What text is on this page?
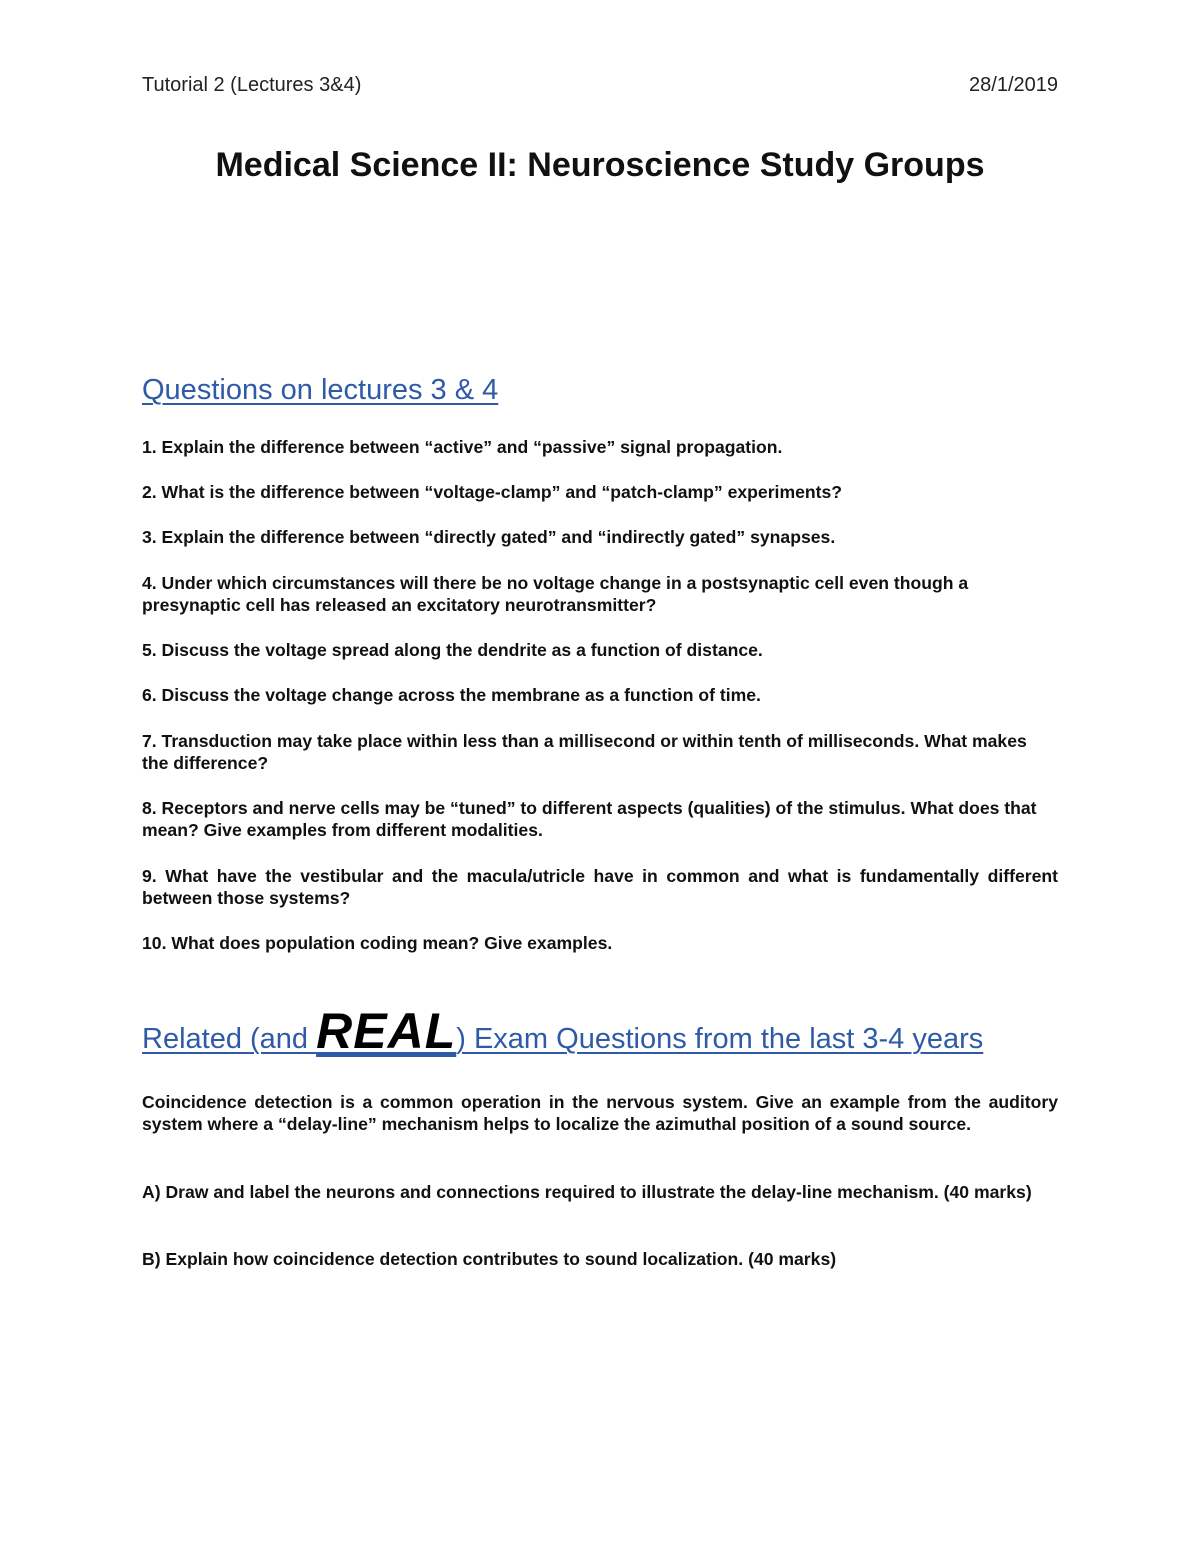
Tutorial 2 (Lectures 3&4)	28/1/2019
Medical Science II: Neuroscience Study Groups
Questions on lectures 3 & 4
1. Explain the difference between “active” and “passive” signal propagation.
2. What is the difference between “voltage-clamp” and “patch-clamp” experiments?
3. Explain the difference between “directly gated” and “indirectly gated” synapses.
4. Under which circumstances will there be no voltage change in a postsynaptic cell even though a presynaptic cell has released an excitatory neurotransmitter?
5. Discuss the voltage spread along the dendrite as a function of distance.
6. Discuss the voltage change across the membrane as a function of time.
7. Transduction may take place within less than a millisecond or within tenth of milliseconds. What makes the difference?
8. Receptors and nerve cells may be “tuned” to different aspects (qualities) of the stimulus. What does that mean? Give examples from different modalities.
9. What have the vestibular and the macula/utricle have in common and what is fundamentally different between those systems?
10. What does population coding mean? Give examples.
Related (and REAL) Exam Questions from the last 3-4 years
Coincidence detection is a common operation in the nervous system. Give an example from the auditory system where a “delay-line” mechanism helps to localize the azimuthal position of a sound source.
A) Draw and label the neurons and connections required to illustrate the delay-line mechanism. (40 marks)
B) Explain how coincidence detection contributes to sound localization. (40 marks)
